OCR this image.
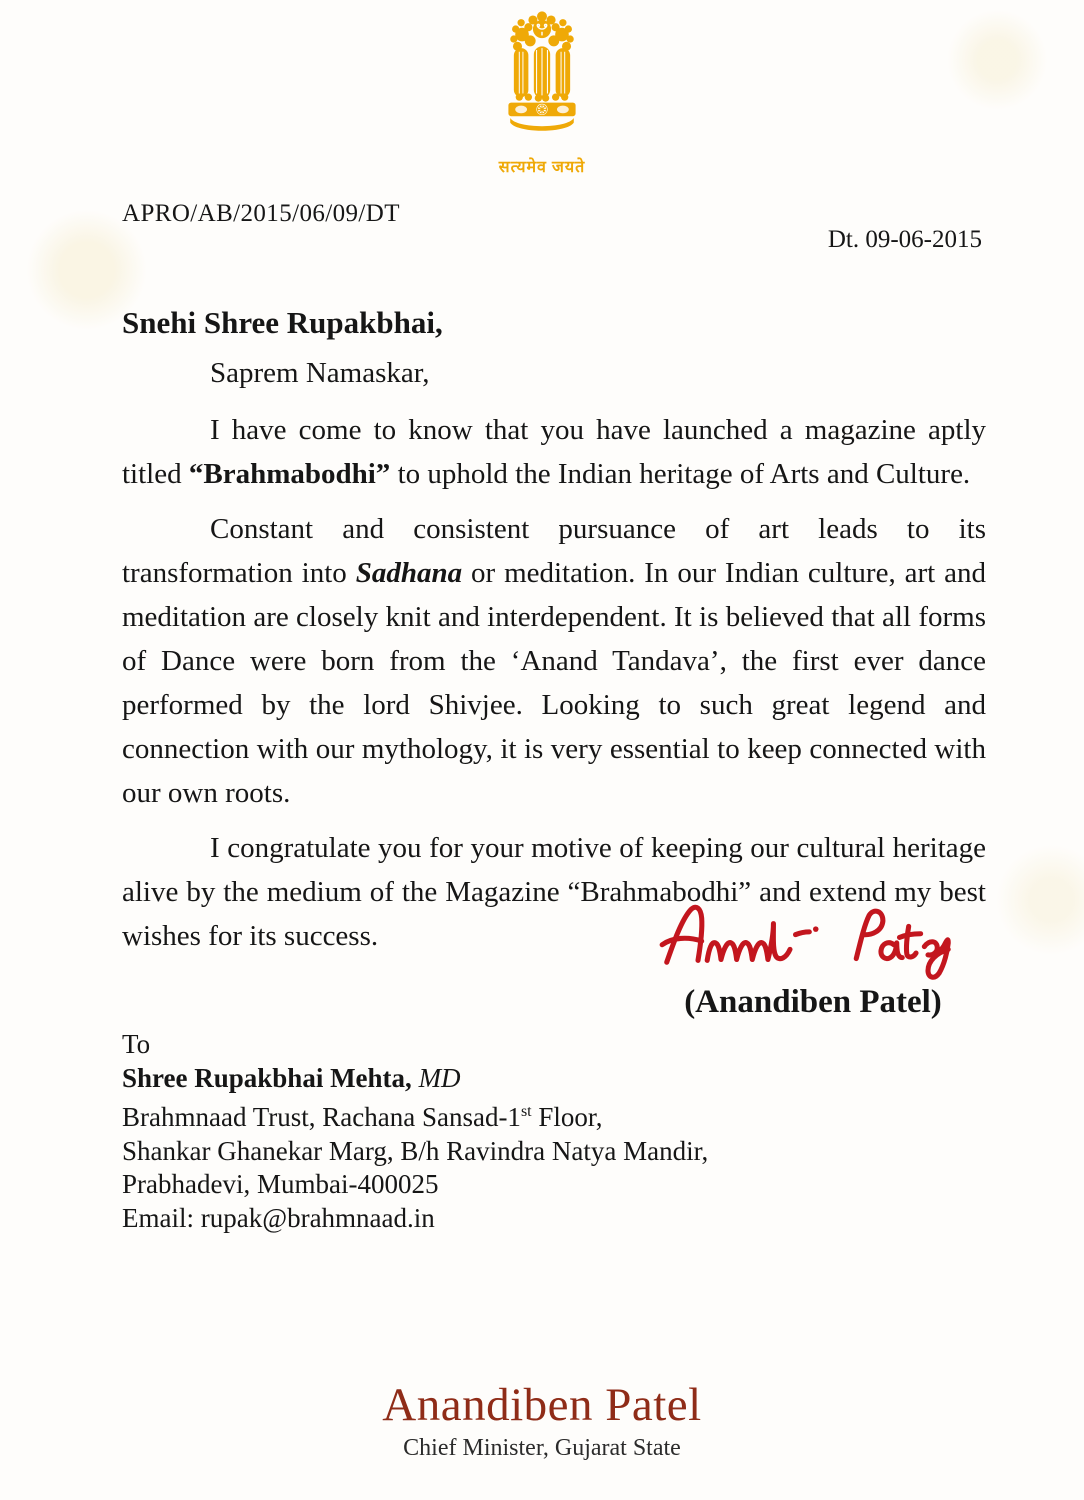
सत्यमेव जयते
APRO/AB/2015/06/09/DT
Dt. 09-06-2015
Snehi Shree Rupakbhai,
Saprem Namaskar,

I have come to know that you have launched a magazine aptly titled “Brahmabodhi” to uphold the Indian heritage of Arts and Culture.

Constant and consistent pursuance of art leads to its transformation into Sadhana or meditation. In our Indian culture, art and meditation are closely knit and interdependent. It is believed that all forms of Dance were born from the ‘Anand Tandava’, the first ever dance performed by the lord Shivjee. Looking to such great legend and connection with our mythology, it is very essential to keep connected with our own roots.

I congratulate you for your motive of keeping our cultural heritage alive by the medium of the Magazine “Brahmabodhi” and extend my best wishes for its success.

(Anandiben Patel)
To
Shree Rupakbhai Mehta, MD
Brahmnaad Trust, Rachana Sansad-1st Floor,
Shankar Ghanekar Marg, B/h Ravindra Natya Mandir,
Prabhadevi, Mumbai-400025
Email: rupak@brahmnaad.in
Anandiben Patel
Chief Minister, Gujarat State
